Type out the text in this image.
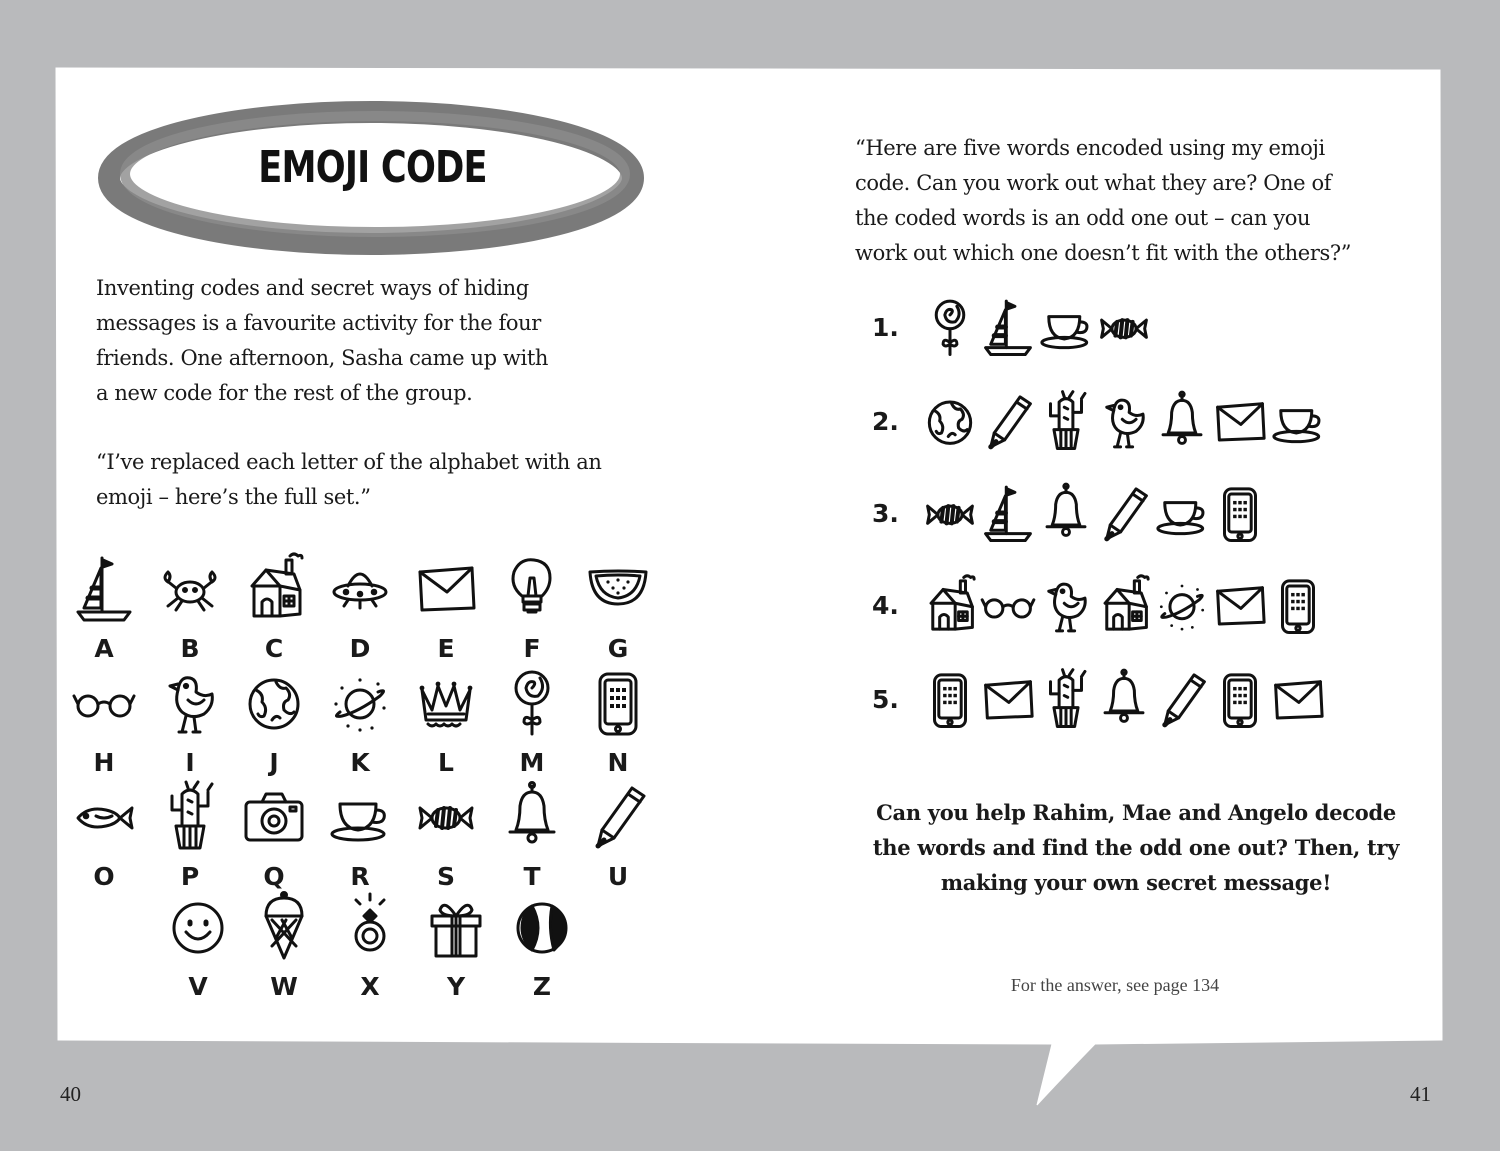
40	41
EMOJI CODE
Inventing codes and secret ways of hiding
messages is a favourite activity for the four
friends. One afternoon, Sasha came up with
a new code for the rest of the group.
“I’ve replaced each letter of the alphabet with an
emoji – here’s the full set.”
“Here are five words encoded using my emoji
code. Can you work out what they are? One of
the coded words is an odd one out – can you
work out which one doesn’t fit with the others?”
A	B	C	D	E	F	G
H	I	J	K	L	M	N
O	P	Q	R	S	T	U
V	W	X	Y	Z
1.
2.
3.
4.
5.
Can you help Rahim, Mae and Angelo decode
the words and find the odd one out? Then, try
making your own secret message!
For the answer, see page 134
